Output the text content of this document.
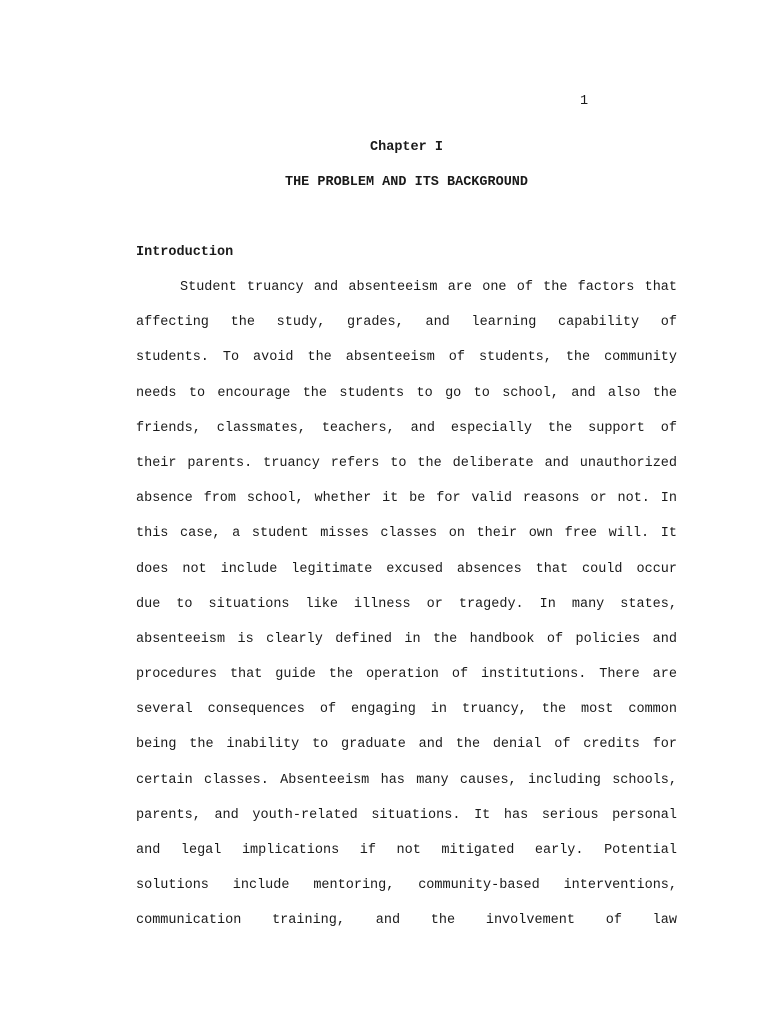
1
Chapter I
THE PROBLEM AND ITS BACKGROUND
Introduction
Student truancy and absenteeism are one of the factors that
affecting the study, grades, and learning capability of
students. To avoid the absenteeism of students, the community
needs to encourage the students to go to school, and also the
friends, classmates, teachers, and especially the support of
their parents. truancy refers to the deliberate and unauthorized
absence from school, whether it be for valid reasons or not. In
this case, a student misses classes on their own free will. It
does not include legitimate excused absences that could occur
due to situations like illness or tragedy. In many states,
absenteeism is clearly defined in the handbook of policies and
procedures that guide the operation of institutions. There are
several consequences of engaging in truancy, the most common
being the inability to graduate and the denial of credits for
certain classes. Absenteeism has many causes, including schools,
parents, and youth-related situations. It has serious personal
and legal implications if not mitigated early. Potential
solutions include mentoring, community-based interventions,
communication training, and the involvement of law
